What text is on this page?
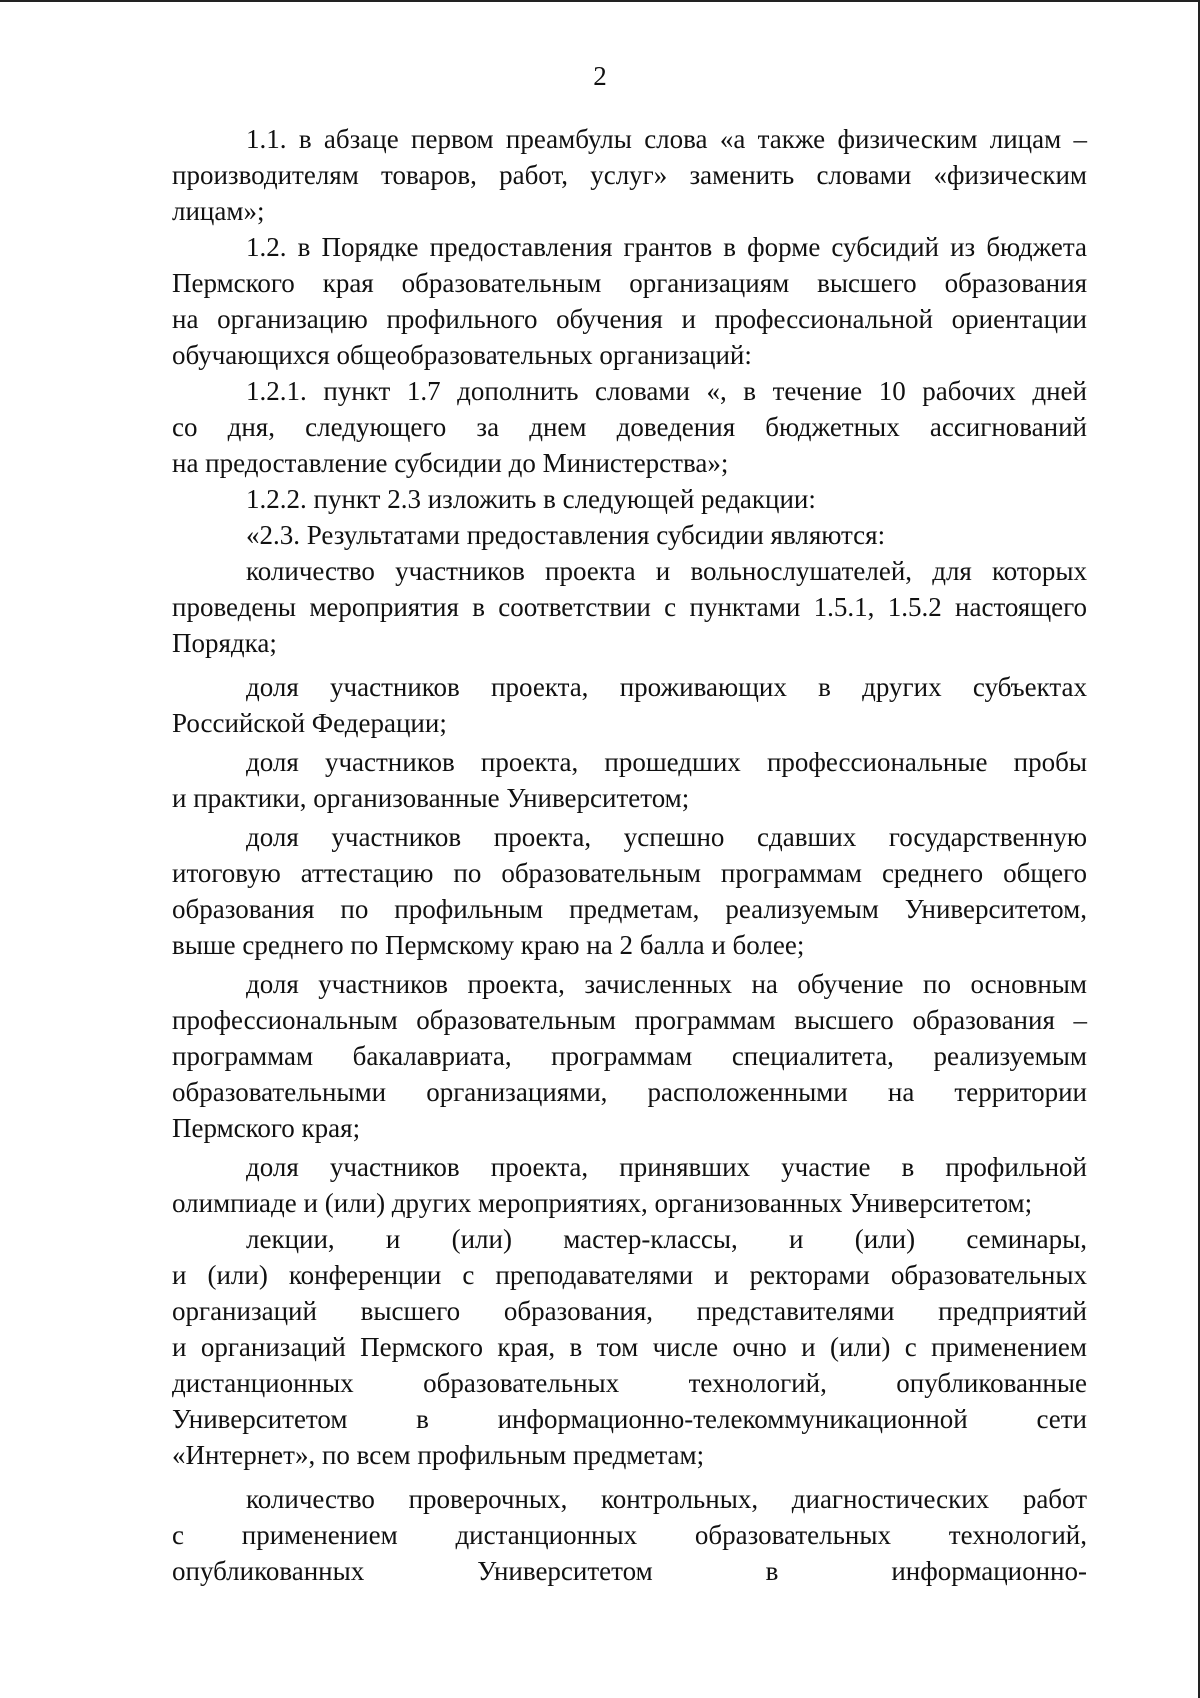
2
1.1. в абзаце первом преамбулы слова «а также физическим лицам –
производителям товаров, работ, услуг» заменить словами «физическим
лицам»;
1.2. в Порядке предоставления грантов в форме субсидий из бюджета
Пермского края образовательным организациям высшего образования
на организацию профильного обучения и профессиональной ориентации
обучающихся общеобразовательных организаций:
1.2.1. пункт 1.7 дополнить словами «, в течение 10 рабочих дней
со дня, следующего за днем доведения бюджетных ассигнований
на предоставление субсидии до Министерства»;
1.2.2. пункт 2.3 изложить в следующей редакции:
«2.3. Результатами предоставления субсидии являются:
количество участников проекта и вольнослушателей, для которых
проведены мероприятия в соответствии с пунктами 1.5.1, 1.5.2 настоящего
Порядка;
доля участников проекта, проживающих в других субъектах
Российской Федерации;
доля участников проекта, прошедших профессиональные пробы
и практики, организованные Университетом;
доля участников проекта, успешно сдавших государственную
итоговую аттестацию по образовательным программам среднего общего
образования по профильным предметам, реализуемым Университетом,
выше среднего по Пермскому краю на 2 балла и более;
доля участников проекта, зачисленных на обучение по основным
профессиональным образовательным программам высшего образования –
программам бакалавриата, программам специалитета, реализуемым
образовательными организациями, расположенными на территории
Пермского края;
доля участников проекта, принявших участие в профильной
олимпиаде и (или) других мероприятиях, организованных Университетом;
лекции, и (или) мастер-классы, и (или) семинары,
и (или) конференции с преподавателями и ректорами образовательных
организаций высшего образования, представителями предприятий
и организаций Пермского края, в том числе очно и (или) с применением
дистанционных образовательных технологий, опубликованные
Университетом в информационно-телекоммуникационной сети
«Интернет», по всем профильным предметам;
количество проверочных, контрольных, диагностических работ
с применением дистанционных образовательных технологий,
опубликованных Университетом в информационно-
